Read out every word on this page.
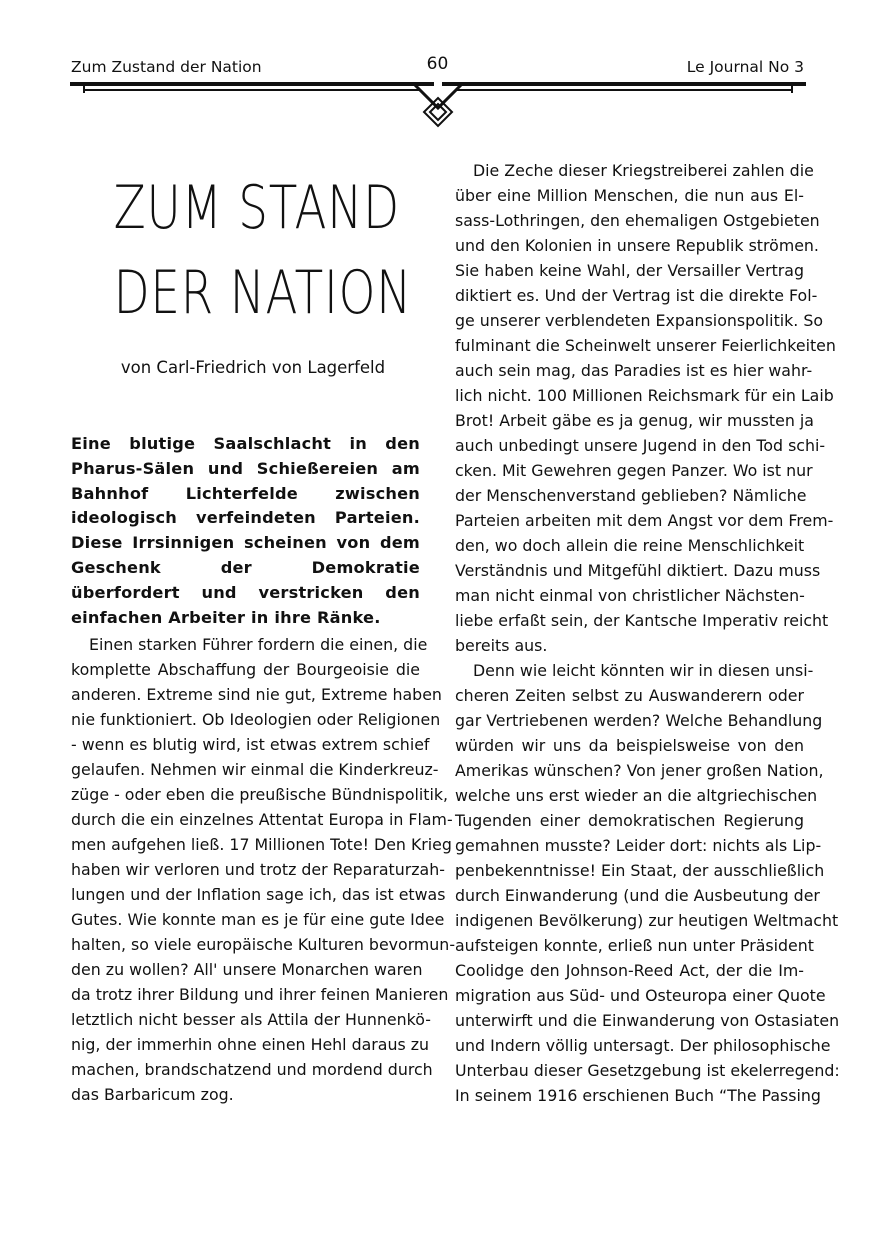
Zum Zustand der Nation	60	Le Journal No 3
ZUM STAND
DER NATION
von Carl-Friedrich von Lagerfeld
Eine blutige Saalschlacht in den Pharus-Sälen und Schießereien am Bahnhof Lichterfelde zwischen ideologisch verfeindeten Parteien. Diese Irrsinnigen scheinen von dem Geschenk der Demokratie überfordert und verstricken den einfachen Arbeiter in ihre Ränke.
Einen starken Führer fordern die einen, die
komplette Abschaffung der Bourgeoisie die
anderen. Extreme sind nie gut, Extreme haben
nie funktioniert. Ob Ideologien oder Religionen
- wenn es blutig wird, ist etwas extrem schief
gelaufen. Nehmen wir einmal die Kinderkreuz-
züge - oder eben die preußische Bündnispolitik,
durch die ein einzelnes Attentat Europa in Flam-
men aufgehen ließ. 17 Millionen Tote! Den Krieg
haben wir verloren und trotz der Reparaturzah-
lungen und der Inflation sage ich, das ist etwas
Gutes. Wie konnte man es je für eine gute Idee
halten, so viele europäische Kulturen bevormun-
den zu wollen? All' unsere Monarchen waren
da trotz ihrer Bildung und ihrer feinen Manieren
letztlich nicht besser als Attila der Hunnenkö-
nig, der immerhin ohne einen Hehl daraus zu
machen, brandschatzend und mordend durch
das Barbaricum zog.
Die Zeche dieser Kriegstreiberei zahlen die
über eine Million Menschen, die nun aus El-
sass-Lothringen, den ehemaligen Ostgebieten
und den Kolonien in unsere Republik strömen.
Sie haben keine Wahl, der Versailler Vertrag
diktiert es. Und der Vertrag ist die direkte Fol-
ge unserer verblendeten Expansionspolitik. So
fulminant die Scheinwelt unserer Feierlichkeiten
auch sein mag, das Paradies ist es hier wahr-
lich nicht. 100 Millionen Reichsmark für ein Laib
Brot! Arbeit gäbe es ja genug, wir mussten ja
auch unbedingt unsere Jugend in den Tod schi-
cken. Mit Gewehren gegen Panzer. Wo ist nur
der Menschenverstand geblieben? Nämliche
Parteien arbeiten mit dem Angst vor dem Frem-
den, wo doch allein die reine Menschlichkeit
Verständnis und Mitgefühl diktiert. Dazu muss
man nicht einmal von christlicher Nächsten-
liebe erfaßt sein, der Kantsche Imperativ reicht
bereits aus.
Denn wie leicht könnten wir in diesen unsi-
cheren Zeiten selbst zu Auswanderern oder
gar Vertriebenen werden? Welche Behandlung
würden wir uns da beispielsweise von den
Amerikas wünschen? Von jener großen Nation,
welche uns erst wieder an die altgriechischen
Tugenden einer demokratischen Regierung
gemahnen musste? Leider dort: nichts als Lip-
penbekenntnisse! Ein Staat, der ausschließlich
durch Einwanderung (und die Ausbeutung der
indigenen Bevölkerung) zur heutigen Weltmacht
aufsteigen konnte, erließ nun unter Präsident
Coolidge den Johnson-Reed Act, der die Im-
migration aus Süd- und Osteuropa einer Quote
unterwirft und die Einwanderung von Ostasiaten
und Indern völlig untersagt. Der philosophische
Unterbau dieser Gesetzgebung ist ekelerregend:
In seinem 1916 erschienen Buch “The Passing
